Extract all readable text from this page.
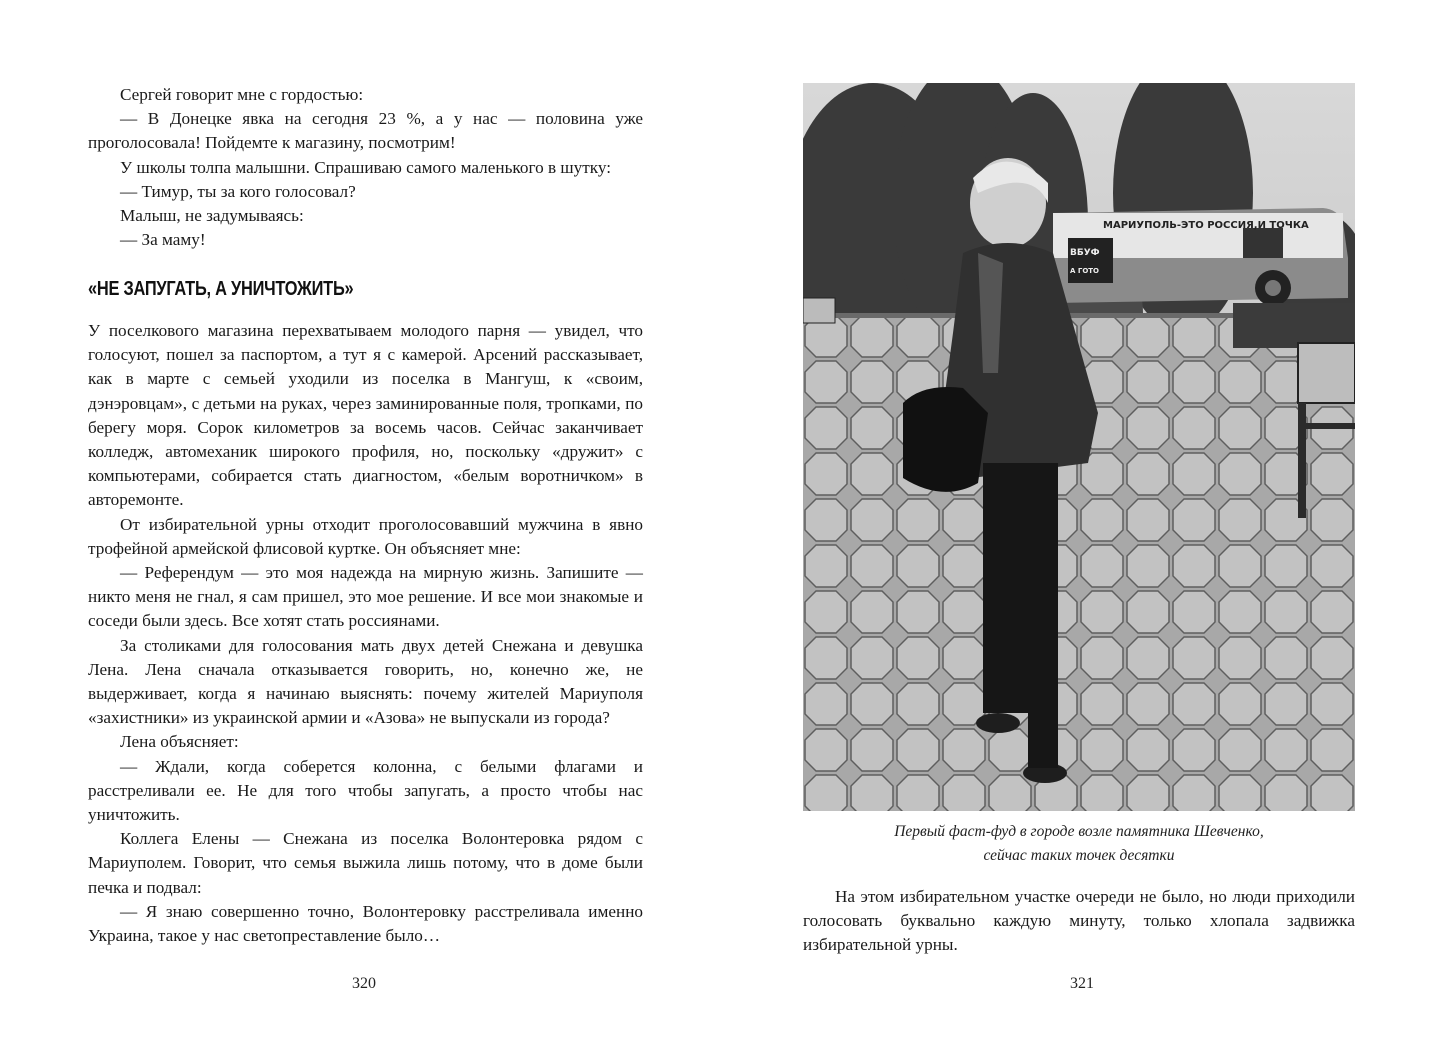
Сергей говорит мне с гордостью:

— В Донецке явка на сегодня 23 %, а у нас — половина уже проголосовала! Пойдемте к магазину, посмотрим!

У школы толпа малышни. Спрашиваю самого маленького в шутку:

— Тимур, ты за кого голосовал?

Малыш, не задумываясь:

— За маму!

«НЕ ЗАПУГАТЬ, А УНИЧТОЖИТЬ»

У поселкового магазина перехватываем молодого парня — увидел, что голосуют, пошел за паспортом, а тут я с камерой. Арсений рассказывает, как в марте с семьей уходили из поселка в Мангуш, к «своим, дэнэровцам», с детьми на руках, через заминированные поля, тропками, по берегу моря. Сорок километров за восемь часов. Сейчас заканчивает колледж, автомеханик широкого профиля, но, поскольку «дружит» с компьютерами, собирается стать диагностом, «белым воротничком» в авторемонте.

От избирательной урны отходит проголосовавший мужчина в явно трофейной армейской флисовой куртке. Он объясняет мне:

— Референдум — это моя надежда на мирную жизнь. Запишите — никто меня не гнал, я сам пришел, это мое решение. И все мои знакомые и соседи были здесь. Все хотят стать россиянами.

За столиками для голосования мать двух детей Снежана и девушка Лена. Лена сначала отказывается говорить, но, конечно же, не выдерживает, когда я начинаю выяснять: почему жителей Мариуполя «захистники» из украинской армии и «Азова» не выпускали из города?

Лена объясняет:

— Ждали, когда соберется колонна, с белыми флагами и расстреливали ее. Не для того чтобы запугать, а просто чтобы нас уничтожить.

Коллега Елены — Снежана из поселка Волонтеровка рядом с Мариуполем. Говорит, что семья выжила лишь потому, что в доме были печка и подвал:

— Я знаю совершенно точно, Волонтеровку расстреливала именно Украина, такое у нас светопреставление было…

320
МАРИУПОЛЬ-ЭТО РОССИЯ,И ТОЧКА
ВБУФ
А ГОТО
Первый фаст-фуд в городе возле памятника Шевченко,
сейчас таких точек десятки

На этом избирательном участке очереди не было, но люди приходили голосовать буквально каждую минуту, только хлопала задвижка избирательной урны.

321
